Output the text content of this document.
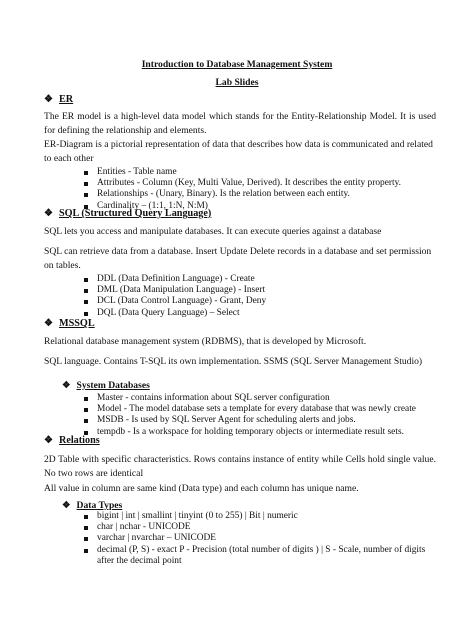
Introduction to Database Management System
Lab Slides
❖ ER
The ER model is a high-level data model which stands for the Entity-Relationship Model. It is used for defining the relationship and elements.
ER-Diagram is a pictorial representation of data that describes how data is communicated and related to each other
Entities - Table name
Attributes - Column (Key, Multi Value, Derived). It describes the entity property.
Relationships - (Unary, Binary). Is the relation between each entity.
Cardinality – (1:1, 1:N, N:M)
❖ SQL (Structured Query Language)
SQL lets you access and manipulate databases. It can execute queries against a database
SQL can retrieve data from a database. Insert Update Delete records in a database and set permission on tables.
DDL (Data Definition Language) - Create
DML (Data Manipulation Language) - Insert
DCL (Data Control Language) - Grant, Deny
DQL (Data Query Language) – Select
❖ MSSQL
Relational database management system (RDBMS), that is developed by Microsoft.
SQL language. Contains T-SQL its own implementation. SSMS (SQL Server Management Studio)
❖ System Databases
Master - contains information about SQL server configuration
Model - The model database sets a template for every database that was newly create
MSDB - Is used by SQL Server Agent for scheduling alerts and jobs.
tempdb - Is a workspace for holding temporary objects or intermediate result sets.
❖ Relations
2D Table with specific characteristics. Rows contains instance of entity while Cells hold single value. No two rows are identical
All value in column are same kind (Data type) and each column has unique name.
❖ Data Types
bigint | int | smallint | tinyint (0 to 255) | Bit | numeric
char | nchar - UNICODE
varchar | nvarchar – UNICODE
decimal (P, S) - exact P - Precision (total number of digits ) | S - Scale, number of digits after the decimal point
